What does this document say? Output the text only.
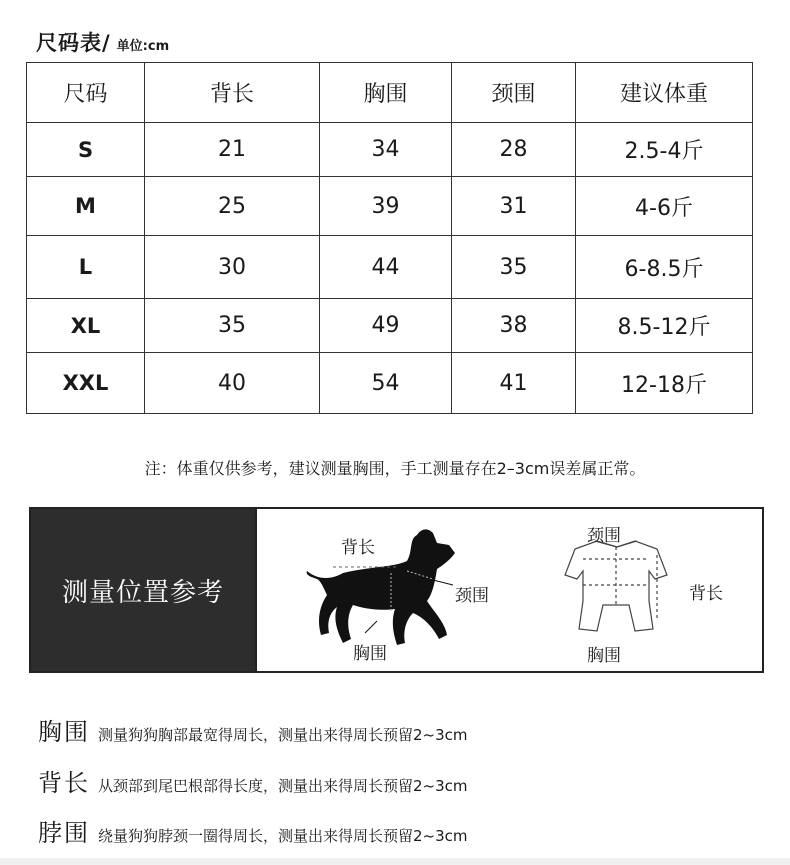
尺码表/ 单位:cm
尺码	背长	胸围	颈围	建议体重
S	21	34	28	2.5-4斤
M	25	39	31	4-6斤
L	30	44	35	6-8.5斤
XL	35	49	38	8.5-12斤
XXL	40	54	41	12-18斤
注：体重仅供参考，建议测量胸围，手工测量存在2–3cm误差属正常。
测量位置参考
背长
颈围
胸围
颈围
背长
胸围
胸围 测量狗狗胸部最宽得周长，测量出来得周长预留2~3cm
背长 从颈部到尾巴根部得长度，测量出来得周长预留2~3cm
脖围 绕量狗狗脖颈一圈得周长，测量出来得周长预留2~3cm
